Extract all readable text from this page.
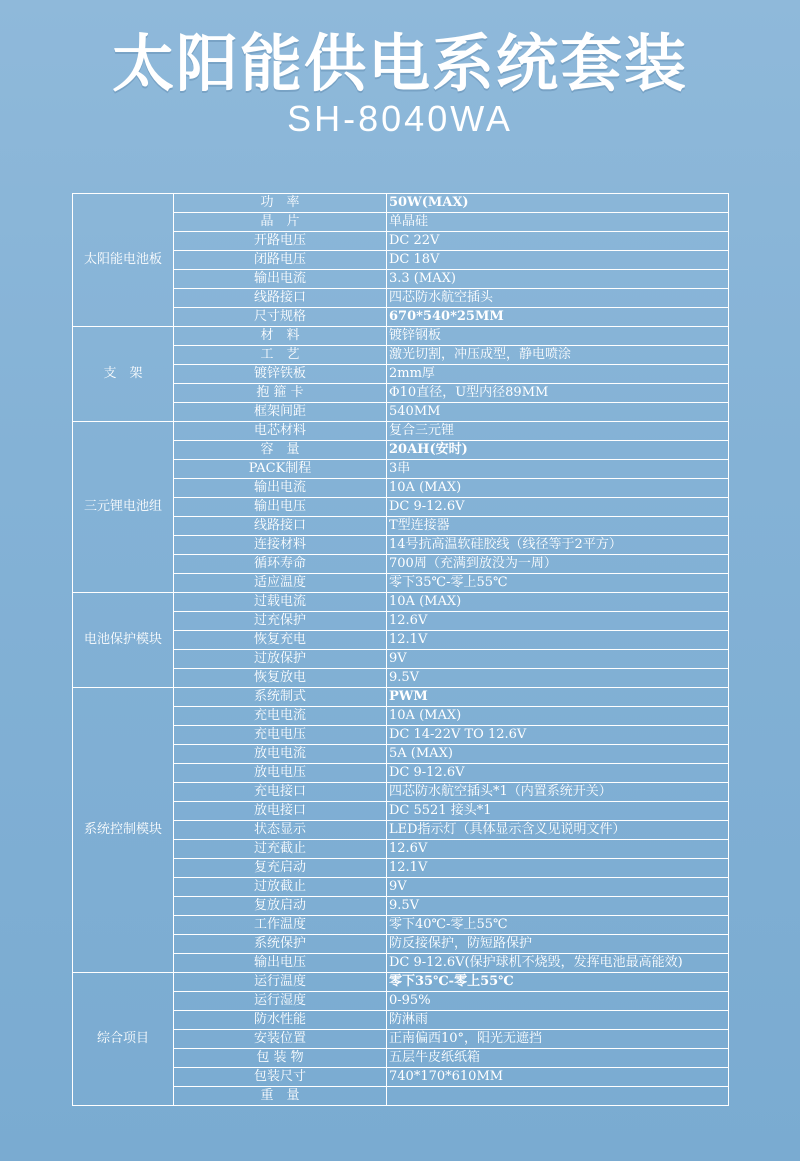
太阳能供电系统套装
SH-8040WA
太阳能电池板	功　率	50W(MAX)
	晶　片	单晶硅
	开路电压	DC 22V
	闭路电压	DC 18V
	输出电流	3.3 (MAX)
	线路接口	四芯防水航空插头
	尺寸规格	670*540*25MM
支　架	材　料	镀锌钢板
	工　艺	激光切割，冲压成型，静电喷涂
	镀锌铁板	2mm厚
	抱 箍 卡	Φ10直径，U型内径89MM
	框架间距	540MM
三元锂电池组	电芯材料	复合三元锂
	容　量	20AH(安时)
	PACK制程	3串
	输出电流	10A (MAX)
	输出电压	DC 9-12.6V
	线路接口	T型连接器
	连接材料	14号抗高温软硅胶线（线径等于2平方）
	循环寿命	700周（充满到放没为一周）
	适应温度	零下35℃-零上55℃
电池保护模块	过载电流	10A (MAX)
	过充保护	12.6V
	恢复充电	12.1V
	过放保护	9V
	恢复放电	9.5V
系统控制模块	系统制式	PWM
	充电电流	10A (MAX)
	充电电压	DC 14-22V TO 12.6V
	放电电流	5A (MAX)
	放电电压	DC 9-12.6V
	充电接口	四芯防水航空插头*1（内置系统开关）
	放电接口	DC 5521 接头*1
	状态显示	LED指示灯（具体显示含义见说明文件）
	过充截止	12.6V
	复充启动	12.1V
	过放截止	9V
	复放启动	9.5V
	工作温度	零下40℃-零上55℃
	系统保护	防反接保护，防短路保护
	输出电压	DC 9-12.6V(保护球机不烧毁，发挥电池最高能效)
综合项目	运行温度	零下35℃-零上55℃
	运行湿度	0-95%
	防水性能	防淋雨
	安装位置	正南偏西10°，阳光无遮挡
	包 装 物	五层牛皮纸纸箱
	包装尺寸	740*170*610MM
	重　量	
